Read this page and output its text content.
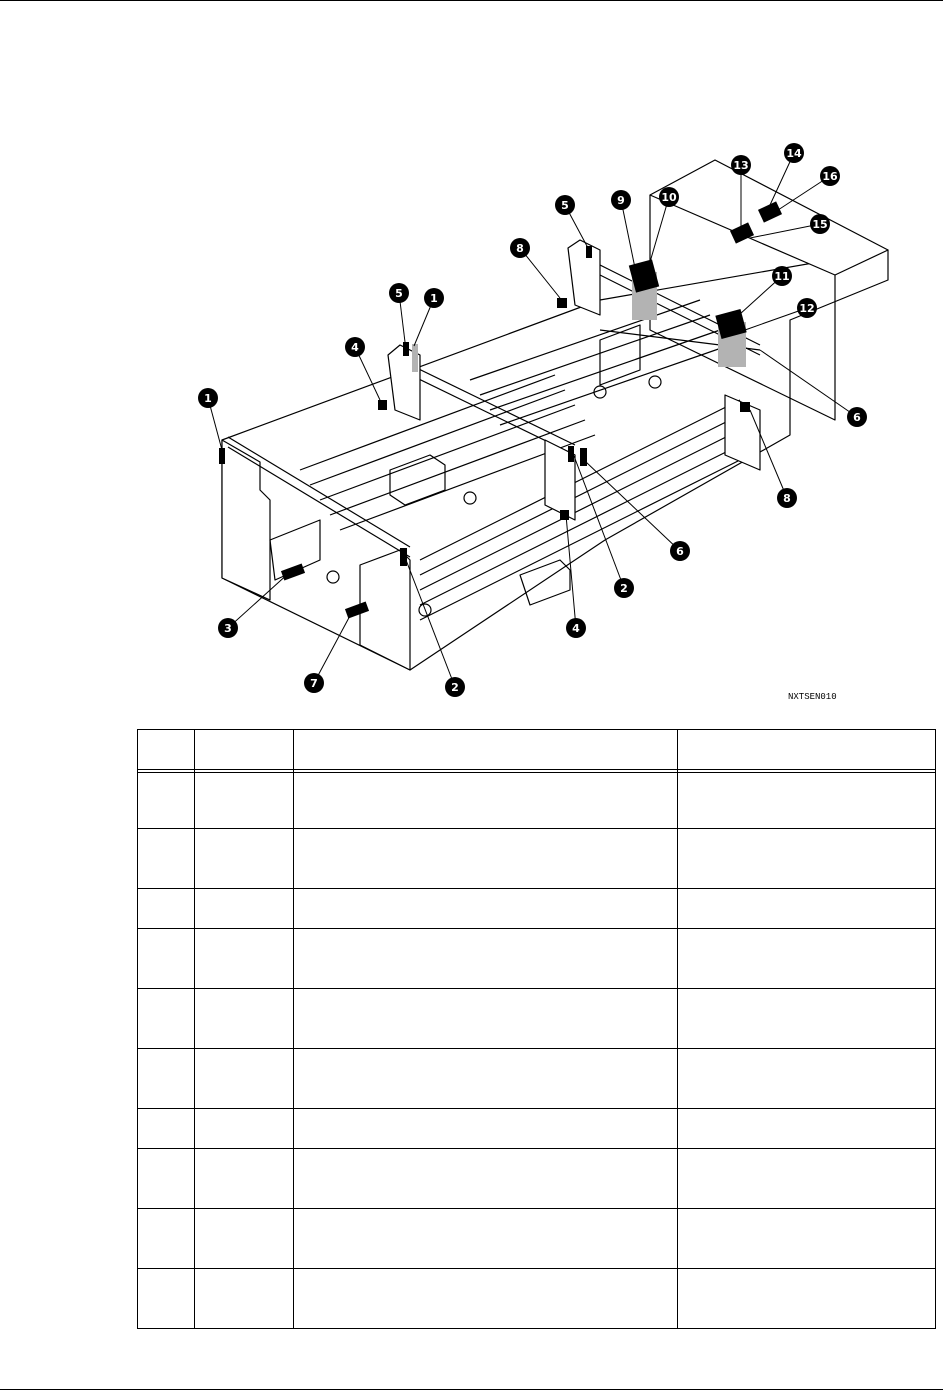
3
7
9	10
11
12
13
14
15
16
1
1
2
2
4
4
5
5
6
6
8
8
NXTSEN010
